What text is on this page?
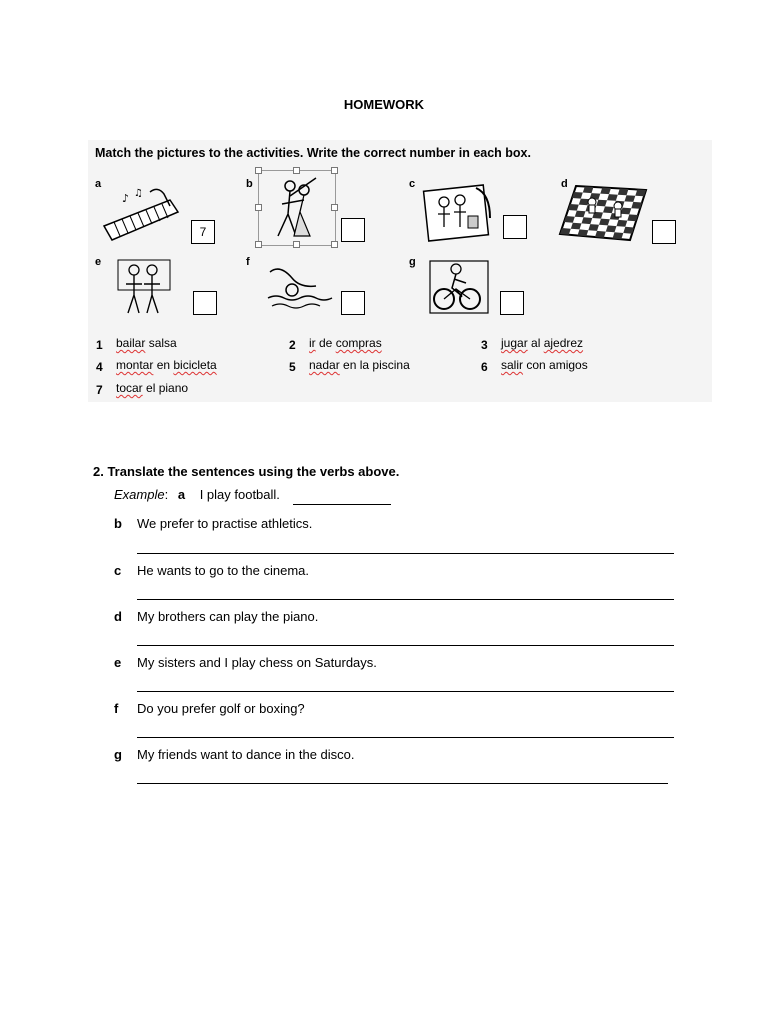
HOMEWORK
Match the pictures to the activities. Write the correct number in each box.
a
♪ ♫
7
b	c	d
e	f	g
1 bailar salsa	2 ir de compras	3 jugar al ajedrez
4 montar en bicicleta	5 nadar en la piscina	6 salir con amigos
7 tocar el piano
2. Translate the sentences using the verbs above.
Example: a I play football.
b We prefer to practise athletics.
c He wants to go to the cinema.
d My brothers can play the piano.
e My sisters and I play chess on Saturdays.
f Do you prefer golf or boxing?
g My friends want to dance in the disco.
